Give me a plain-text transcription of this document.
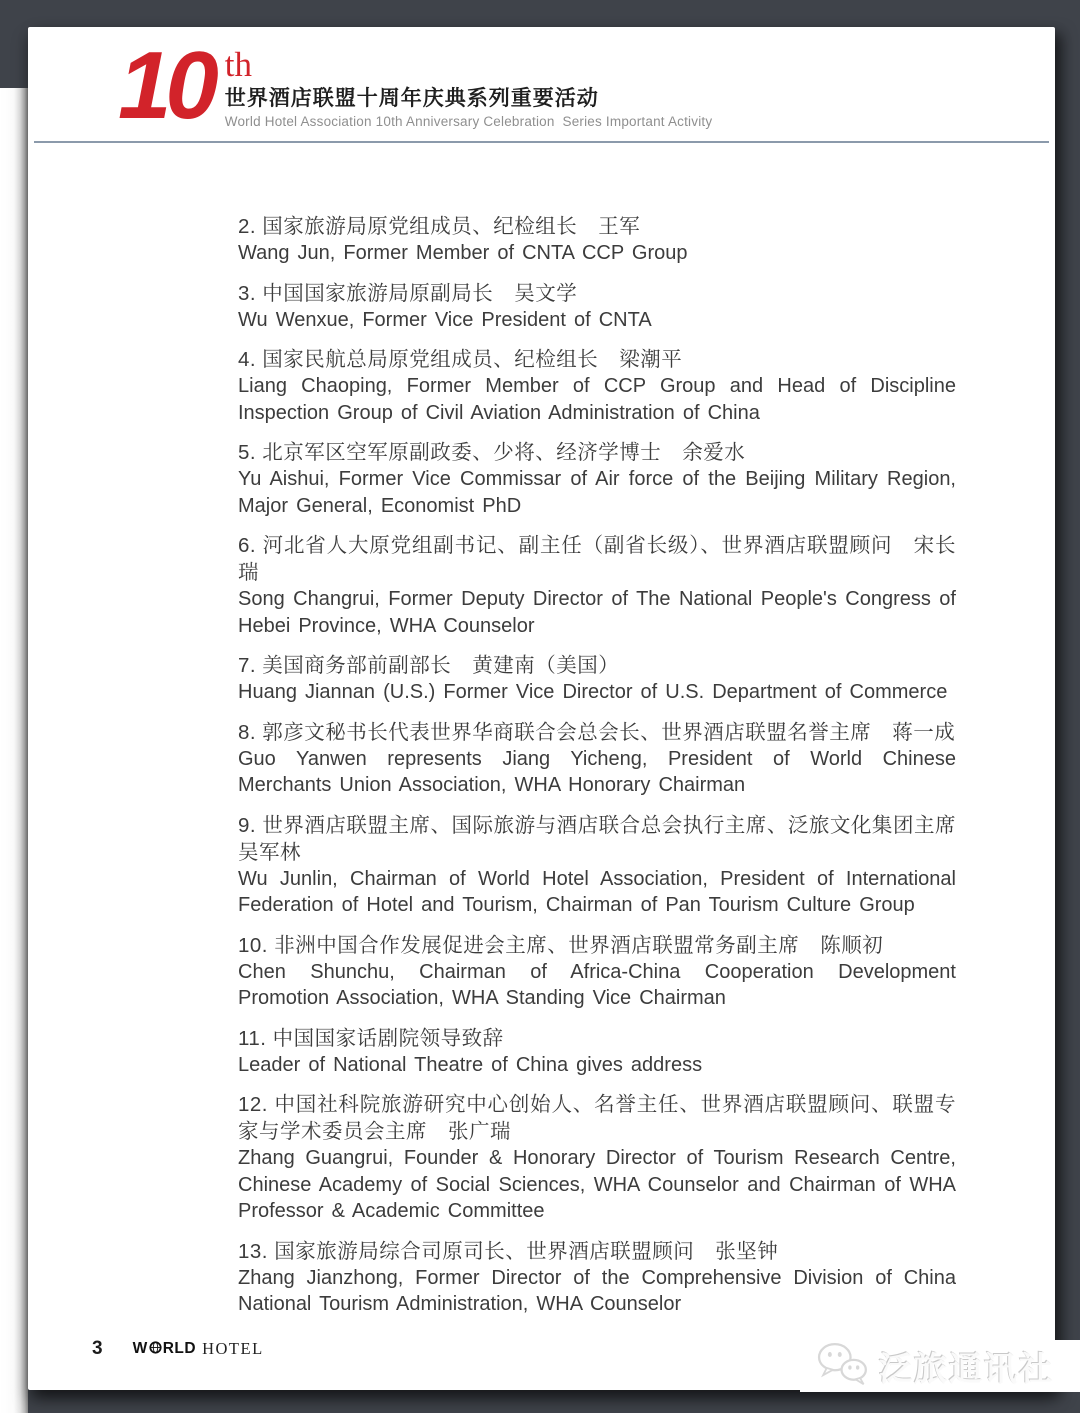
10 th
世界酒店联盟十周年庆典系列重要活动
World Hotel Association 10th Anniversary Celebration  Series Important Activity

2. 国家旅游局原党组成员、纪检组长　王军

Wang Jun, Former Member of CNTA CCP Group

3. 中国国家旅游局原副局长　吴文学

Wu Wenxue, Former Vice President of CNTA

4. 国家民航总局原党组成员、纪检组长　梁潮平

Liang Chaoping, Former Member of CCP Group and Head of Discipline Inspection Group of Civil Aviation Administration of China

5. 北京军区空军原副政委、少将、经济学博士　余爱水

Yu Aishui, Former Vice Commissar of Air force of the Beijing Military Region, Major General, Economist PhD

6. 河北省人大原党组副书记、副主任（副省长级）、世界酒店联盟顾问　宋长瑞

Song Changrui, Former Deputy Director of The National People's Congress of Hebei Province, WHA Counselor

7. 美国商务部前副部长　黄建南（美国）

Huang Jiannan (U.S.) Former Vice Director of U.S. Department of Commerce

8. 郭彦文秘书长代表世界华商联合会总会长、世界酒店联盟名誉主席　蒋一成

Guo Yanwen represents Jiang Yicheng, President of World Chinese Merchants Union Association, WHA Honorary Chairman

9. 世界酒店联盟主席、国际旅游与酒店联合总会执行主席、泛旅文化集团主席　吴军林

Wu Junlin, Chairman of World Hotel Association, President of International Federation of Hotel and Tourism, Chairman of Pan Tourism Culture Group

10. 非洲中国合作发展促进会主席、世界酒店联盟常务副主席　陈顺初

Chen Shunchu, Chairman of Africa-China Cooperation Development Promotion Association, WHA Standing Vice Chairman

11. 中国国家话剧院领导致辞

Leader of National Theatre of China gives address

12. 中国社科院旅游研究中心创始人、名誉主任、世界酒店联盟顾问、联盟专家与学术委员会主席　张广瑞

Zhang Guangrui, Founder & Honorary Director of Tourism Research Centre, Chinese Academy of Social Sciences, WHA Counselor and Chairman of WHA Professor & Academic Committee

13. 国家旅游局综合司原司长、世界酒店联盟顾问　张坚钟

Zhang Jianzhong, Former Director of the Comprehensive Division of China National Tourism Administration, WHA Counselor

3 W RLD HOTEL
泛旅通讯社
